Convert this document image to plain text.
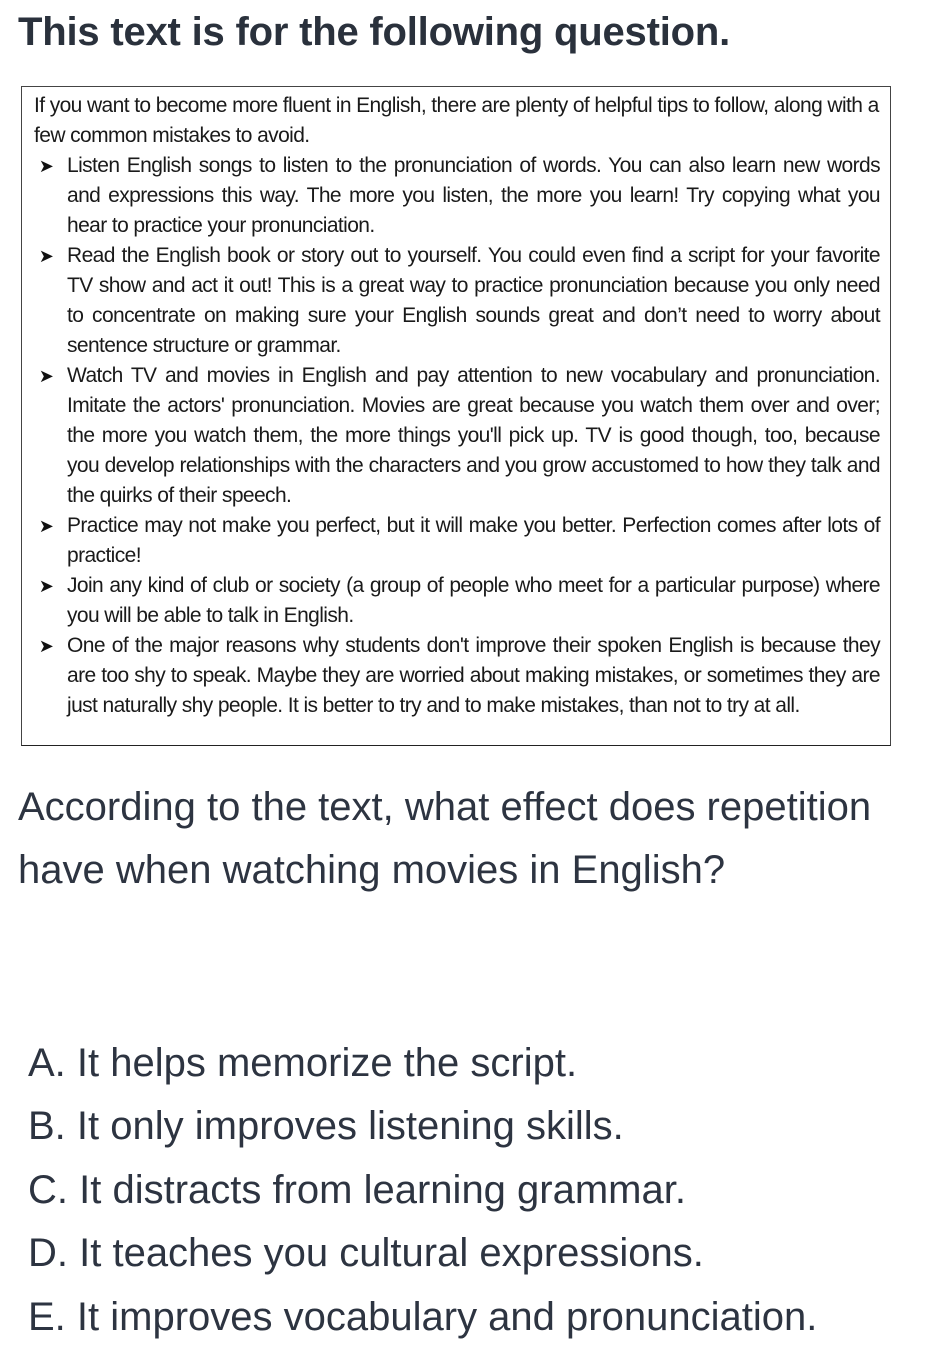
This text is for the following question.

If you want to become more fluent in English, there are plenty of helpful tips to follow, along with a few common mistakes to avoid.

➤ Listen English songs to listen to the pronunciation of words. You can also learn new words and expressions this way. The more you listen, the more you learn! Try copying what you hear to practice your pronunciation.
➤ Read the English book or story out to yourself. You could even find a script for your favorite TV show and act it out! This is a great way to practice pronunciation because you only need to concentrate on making sure your English sounds great and don’t need to worry about sentence structure or grammar.
➤ Watch TV and movies in English and pay attention to new vocabulary and pronunciation. Imitate the actors' pronunciation. Movies are great because you watch them over and over; the more you watch them, the more things you'll pick up. TV is good though, too, because you develop relationships with the characters and you grow accustomed to how they talk and the quirks of their speech.
➤ Practice may not make you perfect, but it will make you better. Perfection comes after lots of practice!
➤ Join any kind of club or society (a group of people who meet for a particular purpose) where you will be able to talk in English.
➤ One of the major reasons why students don't improve their spoken English is because they are too shy to speak. Maybe they are worried about making mistakes, or sometimes they are just naturally shy people. It is better to try and to make mistakes, than not to try at all.

According to the text, what effect does repetition have when watching movies in English?

A. It helps memorize the script.
B. It only improves listening skills.
C. It distracts from learning grammar.
D. It teaches you cultural expressions.
E. It improves vocabulary and pronunciation.
